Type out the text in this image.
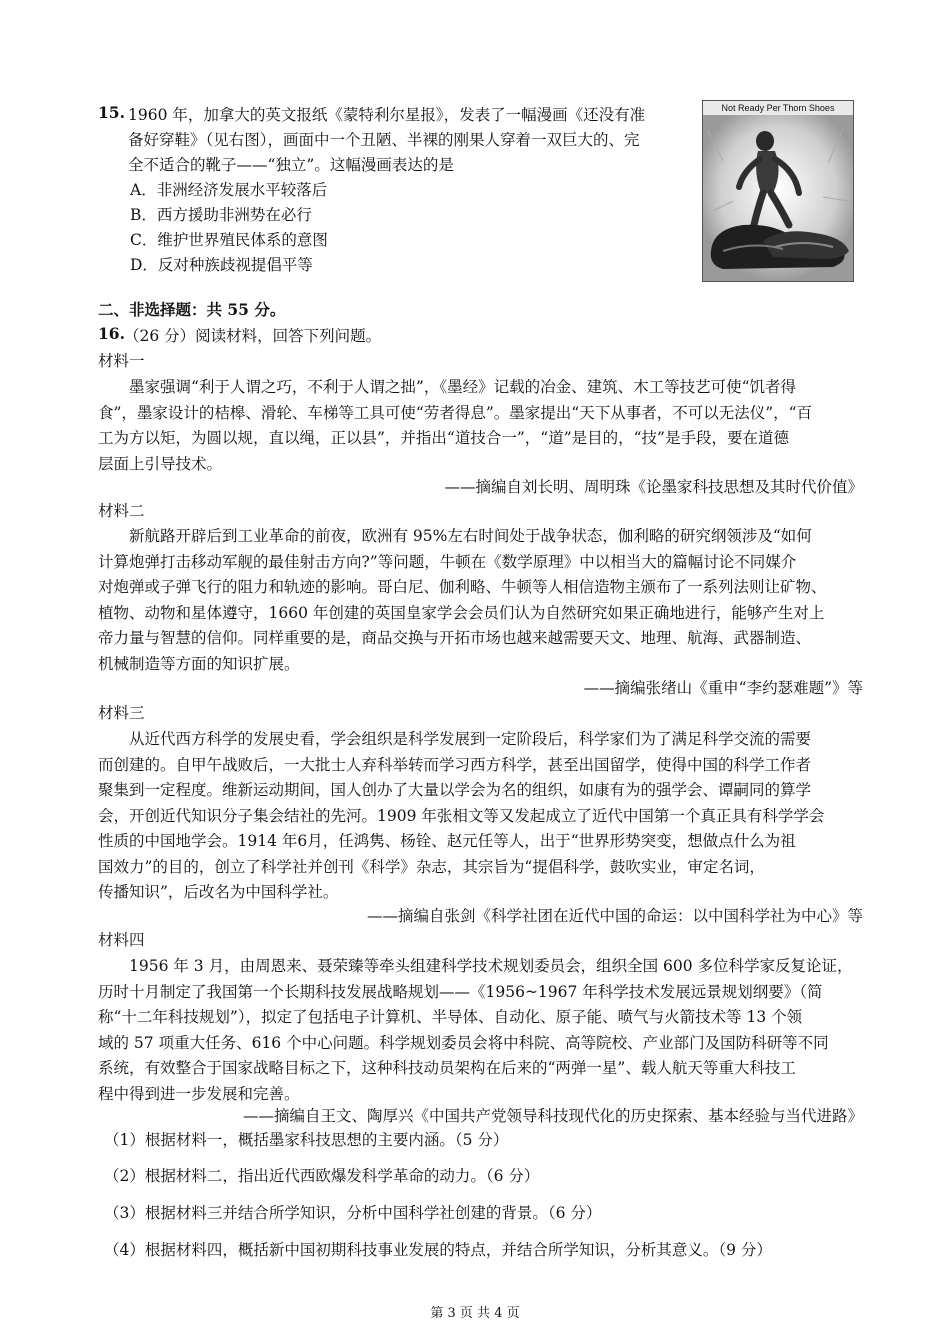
15. 1960 年，加拿大的英文报纸《蒙特利尔星报》，发表了一幅漫画《还没有准
备好穿鞋》（见右图），画面中一个丑陋、半裸的刚果人穿着一双巨大的、完
全不适合的靴子——“独立”。这幅漫画表达的是
A．非洲经济发展水平较落后
B．西方援助非洲势在必行
C．维护世界殖民体系的意图
D．反对种族歧视提倡平等
Not Ready Per Thorn Shoes
二、非选择题：共 55 分。
16. （26 分）阅读材料，回答下列问题。
材料一

墨家强调“利于人谓之巧，不利于人谓之拙”，《墨经》记载的冶金、建筑、木工等技艺可使“饥者得

食”，墨家设计的桔槔、滑轮、车梯等工具可使“劳者得息”。墨家提出“天下从事者，不可以无法仪”，“百

工为方以矩，为圆以规，直以绳，正以县”，并指出“道技合一”，“道”是目的，“技”是手段，要在道德

层面上引导技术。

——摘编自刘长明、周明珠《论墨家科技思想及其时代价值》
材料二

新航路开辟后到工业革命的前夜，欧洲有 95%左右时间处于战争状态，伽利略的研究纲领涉及“如何

计算炮弹打击移动军舰的最佳射击方向?”等问题，牛顿在《数学原理》中以相当大的篇幅讨论不同媒介

对炮弹或子弹飞行的阻力和轨迹的影响。哥白尼、伽利略、牛顿等人相信造物主颁布了一系列法则让矿物、

植物、动物和星体遵守，1660 年创建的英国皇家学会会员们认为自然研究如果正确地进行，能够产生对上

帝力量与智慧的信仰。同样重要的是，商品交换与开拓市场也越来越需要天文、地理、航海、武器制造、

机械制造等方面的知识扩展。

——摘编张绪山《重申“李约瑟难题”》等
材料三

从近代西方科学的发展史看，学会组织是科学发展到一定阶段后，科学家们为了满足科学交流的需要

而创建的。自甲午战败后，一大批士人弃科举转而学习西方科学，甚至出国留学，使得中国的科学工作者

聚集到一定程度。维新运动期间，国人创办了大量以学会为名的组织，如康有为的强学会、谭嗣同的算学

会，开创近代知识分子集会结社的先河。1909 年张相文等又发起成立了近代中国第一个真正具有科学学会

性质的中国地学会。1914 年6月，任鸿隽、杨铨、赵元任等人，出于“世界形势突变，想做点什么为祖

国效力”的目的，创立了科学社并创刊《科学》杂志，其宗旨为“提倡科学，鼓吹实业，审定名词，

传播知识”，后改名为中国科学社。

——摘编自张剑《科学社团在近代中国的命运：以中国科学社为中心》等
材料四

1956 年 3 月，由周恩来、聂荣臻等牵头组建科学技术规划委员会，组织全国 600 多位科学家反复论证，

历时十月制定了我国第一个长期科技发展战略规划——《1956~1967 年科学技术发展远景规划纲要》（简

称“十二年科技规划”），拟定了包括电子计算机、半导体、自动化、原子能、喷气与火箭技术等 13 个领

域的 57 项重大任务、616 个中心问题。科学规划委员会将中科院、高等院校、产业部门及国防科研等不同

系统，有效整合于国家战略目标之下，这种科技动员架构在后来的“两弹一星”、载人航天等重大科技工

程中得到进一步发展和完善。

——摘编自王文、陶厚兴《中国共产党领导科技现代化的历史探索、基本经验与当代进路》
（1）根据材料一，概括墨家科技思想的主要内涵。（5 分）
（2）根据材料二，指出近代西欧爆发科学革命的动力。（6 分）
（3）根据材料三并结合所学知识，分析中国科学社创建的背景。（6 分）
（4）根据材料四，概括新中国初期科技事业发展的特点，并结合所学知识，分析其意义。（9 分）
第 3 页 共 4 页
